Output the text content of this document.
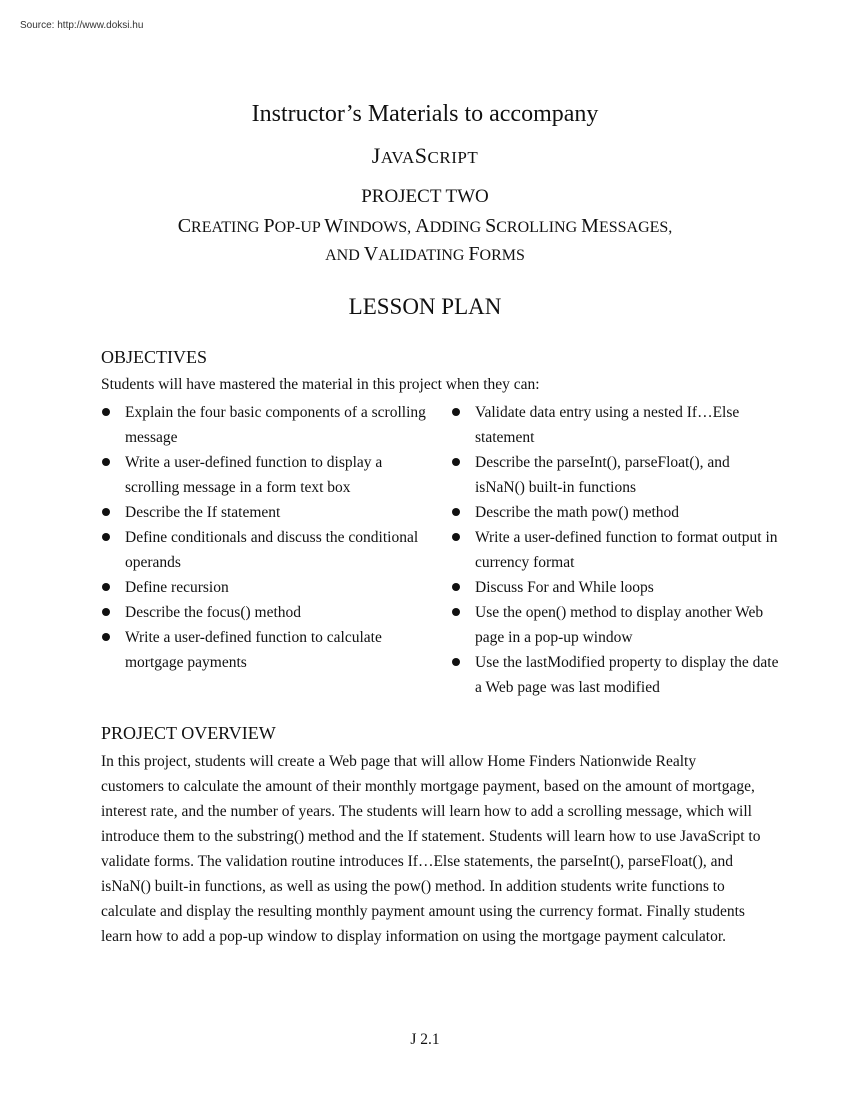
Source: http://www.doksi.hu
Instructor’s Materials to accompany
JAVASCRIPT
PROJECT TWO
CREATING POP-UP WINDOWS, ADDING SCROLLING MESSAGES,
AND VALIDATING FORMS
LESSON PLAN
OBJECTIVES
Students will have mastered the material in this project when they can:
Explain the four basic components of a scrolling message
Write a user-defined function to display a scrolling message in a form text box
Describe the If statement
Define conditionals and discuss the conditional operands
Define recursion
Describe the focus() method
Write a user-defined function to calculate mortgage payments
Validate data entry using a nested If…Else statement
Describe the parseInt(), parseFloat(), and isNaN() built-in functions
Describe the math pow() method
Write a user-defined function to format output in currency format
Discuss For and While loops
Use the open() method to display another Web page in a pop-up window
Use the lastModified property to display the date a Web page was last modified
PROJECT OVERVIEW
In this project, students will create a Web page that will allow Home Finders Nationwide Realty customers to calculate the amount of their monthly mortgage payment, based on the amount of mortgage, interest rate, and the number of years. The students will learn how to add a scrolling message, which will introduce them to the substring() method and the If statement. Students will learn how to use JavaScript to validate forms. The validation routine introduces If…Else statements, the parseInt(), parseFloat(), and isNaN() built-in functions, as well as using the pow() method. In addition students write functions to calculate and display the resulting monthly payment amount using the currency format. Finally students learn how to add a pop-up window to display information on using the mortgage payment calculator.
J 2.1
